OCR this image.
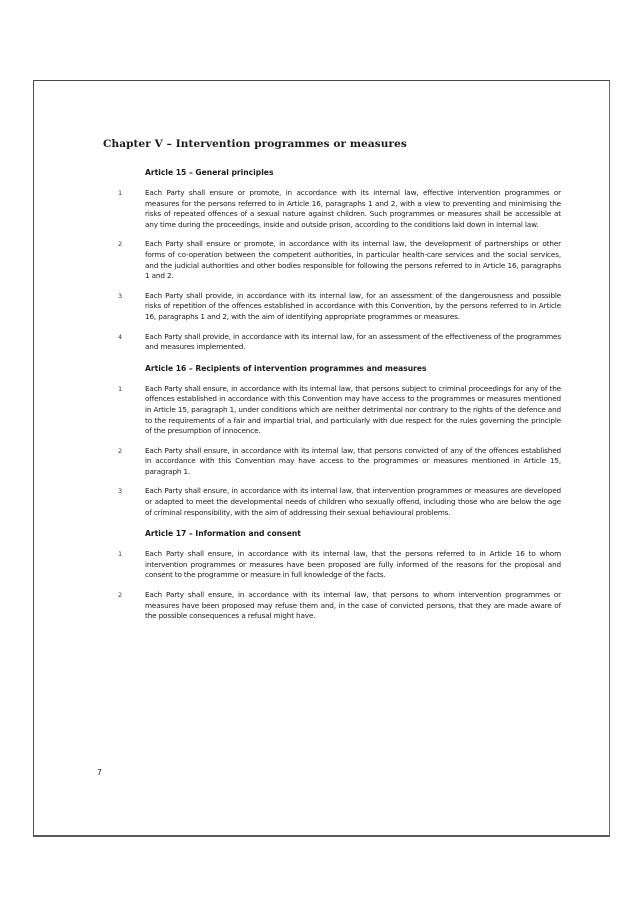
Chapter V – Intervention programmes or measures
Article 15 – General principles

1	Each Party shall ensure or promote, in accordance with its internal law, effective intervention programmes or measures for the persons referred to in Article 16, paragraphs 1 and 2, with a view to preventing and minimising the risks of repeated offences of a sexual nature against children. Such programmes or measures shall be accessible at any time during the proceedings, inside and outside prison, according to the conditions laid down in internal law.

2	Each Party shall ensure or promote, in accordance with its internal law, the development of partnerships or other forms of co-operation between the competent authorities, in particular health-care services and the social services, and the judicial authorities and other bodies responsible for following the persons referred to in Article 16, paragraphs 1 and 2.

3	Each Party shall provide, in accordance with its internal law, for an assessment of the dangerousness and possible risks of repetition of the offences established in accordance with this Convention, by the persons referred to in Article 16, paragraphs 1 and 2, with the aim of identifying appropriate programmes or measures.

4	Each Party shall provide, in accordance with its internal law, for an assessment of the effectiveness of the programmes and measures implemented.

Article 16 – Recipients of intervention programmes and measures

1	Each Party shall ensure, in accordance with its internal law, that persons subject to criminal proceedings for any of the offences established in accordance with this Convention may have access to the programmes or measures mentioned in Article 15, paragraph 1, under conditions which are neither detrimental nor contrary to the rights of the defence and to the requirements of a fair and impartial trial, and particularly with due respect for the rules governing the principle of the presumption of innocence.

2	Each Party shall ensure, in accordance with its internal law, that persons convicted of any of the offences established in accordance with this Convention may have access to the programmes or measures mentioned in Article 15, paragraph 1.

3	Each Party shall ensure, in accordance with its internal law, that intervention programmes or measures are developed or adapted to meet the developmental needs of children who sexually offend, including those who are below the age of criminal responsibility, with the aim of addressing their sexual behavioural problems.

Article 17 – Information and consent

1	Each Party shall ensure, in accordance with its internal law, that the persons referred to in Article 16 to whom intervention programmes or measures have been proposed are fully informed of the reasons for the proposal and consent to the programme or measure in full knowledge of the facts.

2	Each Party shall ensure, in accordance with its internal law, that persons to whom intervention programmes or measures have been proposed may refuse them and, in the case of convicted persons, that they are made aware of the possible consequences a refusal might have.

7
